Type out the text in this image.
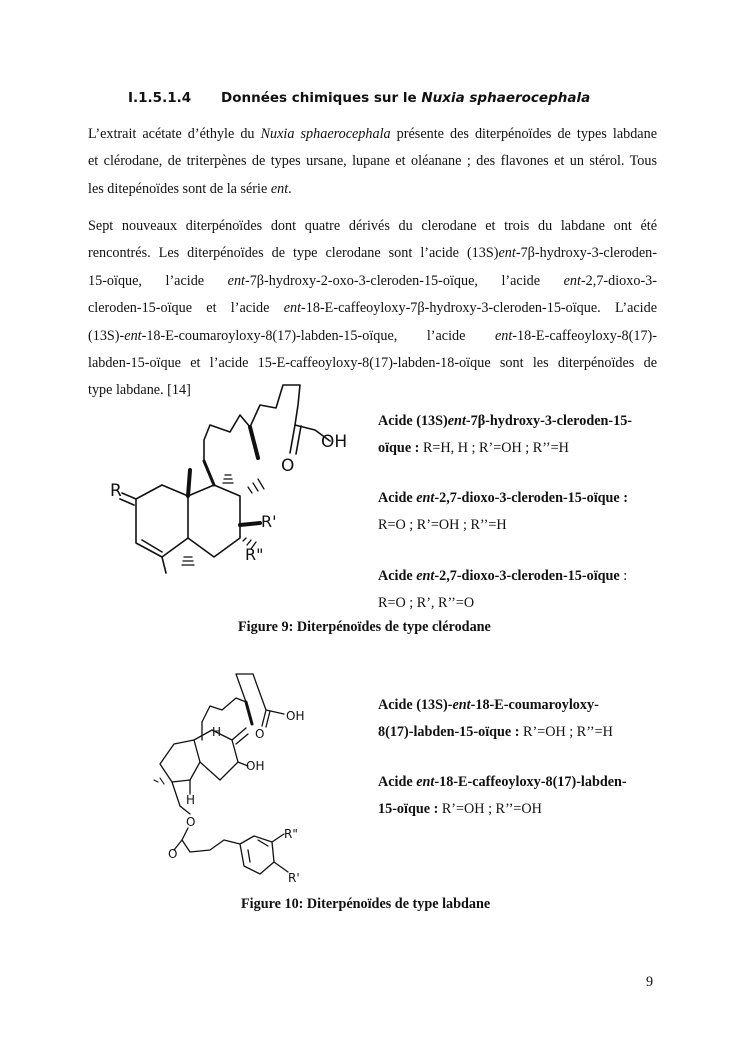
I.1.5.1.4 Données chimiques sur le Nuxia sphaerocephala
L’extrait acétate d’éthyle du Nuxia sphaerocephala présente des diterpénoïdes de types labdane
et clérodane, de triterpènes de types ursane, lupane et oléanane ; des flavones et un stérol. Tous
les ditepénoïdes sont de la série ent.
Sept nouveaux diterpénoïdes dont quatre dérivés du clerodane et trois du labdane ont été
rencontrés. Les diterpénoïdes de type clerodane sont l’acide (13S)ent-7β-hydroxy-3-cleroden-
15-oïque, l’acide ent-7β-hydroxy-2-oxo-3-cleroden-15-oïque, l’acide ent-2,7-dioxo-3-
cleroden-15-oïque et l’acide ent-18-E-caffeoyloxy-7β-hydroxy-3-cleroden-15-oïque. L’acide
(13S)-ent-18-E-coumaroyloxy-8(17)-labden-15-oïque, l’acide ent-18-E-caffeoyloxy-8(17)-
labden-15-oïque et l’acide 15-E-caffeoyloxy-8(17)-labden-18-oïque sont les diterpénoïdes de
type labdane. [14]
OH
O
R
R'
R"
Acide (13S)ent-7β-hydroxy-3-cleroden-15-
oïque : R=H, H ; R’=OH ; R’’=H
Acide ent-2,7-dioxo-3-cleroden-15-oïque :
R=O ; R’=OH ; R’’=H
Acide ent-2,7-dioxo-3-cleroden-15-oïque :
R=O ; R’, R’’=O
Figure 9: Diterpénoïdes de type clérodane
OH
O
H
OH
H
O
O
R"
R'
Acide (13S)-ent-18-E-coumaroyloxy-
8(17)-labden-15-oïque : R’=OH ; R’’=H
Acide ent-18-E-caffeoyloxy-8(17)-labden-
15-oïque : R’=OH ; R’’=OH
Figure 10: Diterpénoïdes de type labdane
9
